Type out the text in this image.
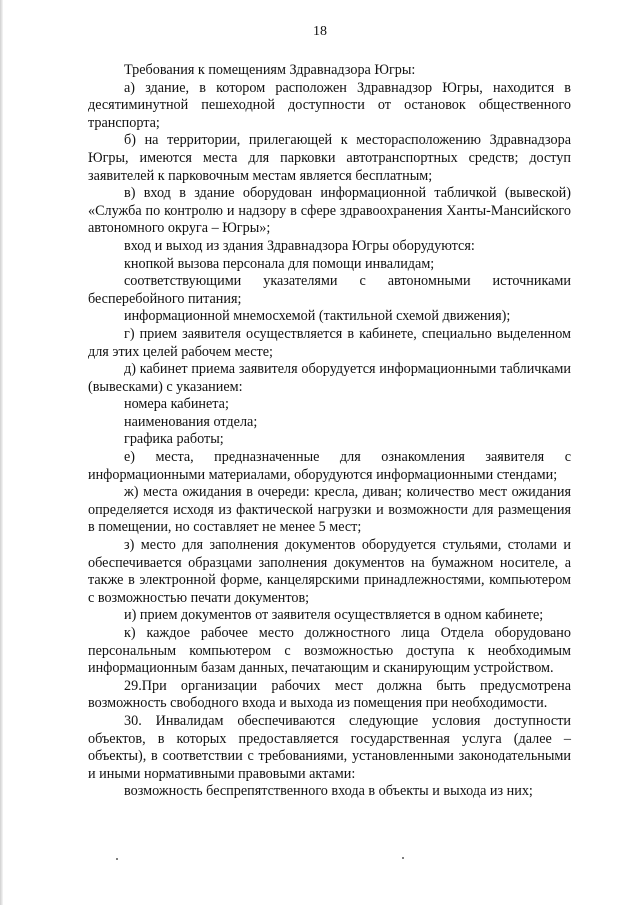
18

Требования к помещениям Здравнадзора Югры:

а) здание, в котором расположен Здравнадзор Югры, находится в десятиминутной пешеходной доступности от остановок общественного транспорта;

б) на территории, прилегающей к месторасположению Здравнадзора Югры, имеются места для парковки автотранспортных средств; доступ заявителей к парковочным местам является бесплатным;

в) вход в здание оборудован информационной табличкой (вывеской) «Служба по контролю и надзору в сфере здравоохранения Ханты-Мансийского автономного округа – Югры»;

вход и выход из здания Здравнадзора Югры оборудуются:

кнопкой вызова персонала для помощи инвалидам;

соответствующими указателями с автономными источниками бесперебойного питания;

информационной мнемосхемой (тактильной схемой движения);

г) прием заявителя осуществляется в кабинете, специально выделенном для этих целей рабочем месте;

д) кабинет приема заявителя оборудуется информационными табличками (вывесками) с указанием:

номера кабинета;

наименования отдела;

графика работы;

е) места, предназначенные для ознакомления заявителя с информационными материалами, оборудуются информационными стендами;

ж) места ожидания в очереди: кресла, диван; количество мест ожидания определяется исходя из фактической нагрузки и возможности для размещения в помещении, но составляет не менее 5 мест;

з) место для заполнения документов оборудуется стульями, столами и обеспечивается образцами заполнения документов на бумажном носителе, а также в электронной форме, канцелярскими принадлежностями, компьютером с возможностью печати документов;

и) прием документов от заявителя осуществляется в одном кабинете;

к) каждое рабочее место должностного лица Отдела оборудовано персональным компьютером с возможностью доступа к необходимым информационным базам данных, печатающим и сканирующим устройством.

29.При организации рабочих мест должна быть предусмотрена возможность свободного входа и выхода из помещения при необходимости.

30. Инвалидам обеспечиваются следующие условия доступности объектов, в которых предоставляется государственная услуга (далее – объекты), в соответствии с требованиями, установленными законодательными и иными нормативными правовыми актами:

возможность беспрепятственного входа в объекты и выхода из них;
